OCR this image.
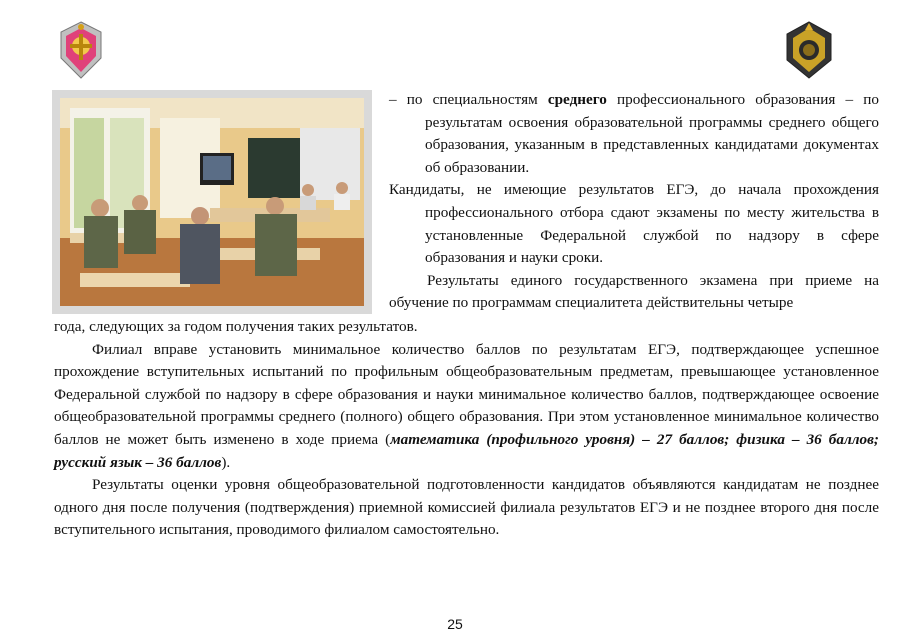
– по специальностям среднего профессионального образования – по результатам освоения образовательной программы среднего общего образования, указанным в представленных кандидатами документах об образовании.
Кандидаты, не имеющие результатов ЕГЭ, до начала прохождения профессионального отбора сдают экзамены по месту жительства в установленные Федеральной службой по надзору в сфере образования и науки сроки.
Результаты единого государственного экзамена при приеме на обучение по программам специалитета действительны четыре
года, следующих за годом получения таких результатов.
Филиал вправе установить минимальное количество баллов по результатам ЕГЭ, подтверждающее успешное прохождение вступительных испытаний по профильным общеобразовательным предметам, превышающее установленное Федеральной службой по надзору в сфере образования и науки минимальное количество баллов, подтверждающее освоение общеобразовательной программы среднего (полного) общего образования. При этом установленное минимальное количество баллов не может быть изменено в ходе приема (математика (профильного уровня) – 27 баллов; физика – 36 баллов; русский язык – 36 баллов).
Результаты оценки уровня общеобразовательной подготовленности кандидатов объявляются кандидатам не позднее одного дня после получения (подтверждения) приемной комиссией филиала результатов ЕГЭ и не позднее второго дня после вступительного испытания, проводимого филиалом самостоятельно.
25
